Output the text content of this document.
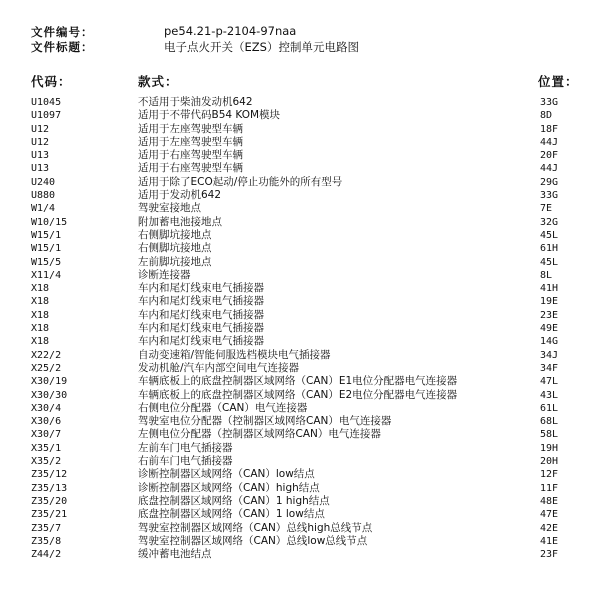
文件编号：	pe54.21-p-2104-97naa
文件标题：	电子点火开关（EZS）控制单元电路图
代码：	款式：	位置：
U1045	不适用于柴油发动机642	33G
U1097	适用于不带代码B54 KOM模块	8D
U12	适用于左座驾驶型车辆	18F
U12	适用于左座驾驶型车辆	44J
U13	适用于右座驾驶型车辆	20F
U13	适用于右座驾驶型车辆	44J
U240	适用于除了ECO起动/停止功能外的所有型号	29G
U880	适用于发动机642	33G
W1/4	驾驶室接地点	7E
W10/15	附加蓄电池接地点	32G
W15/1	右侧脚坑接地点	45L
W15/1	右侧脚坑接地点	61H
W15/5	左前脚坑接地点	45L
X11/4	诊断连接器	8L
X18	车内和尾灯线束电气插接器	41H
X18	车内和尾灯线束电气插接器	19E
X18	车内和尾灯线束电气插接器	23E
X18	车内和尾灯线束电气插接器	49E
X18	车内和尾灯线束电气插接器	14G
X22/2	自动变速箱/智能伺服选档模块电气插接器	34J
X25/2	发动机舱/汽车内部空间电气连接器	34F
X30/19	车辆底板上的底盘控制器区域网络（CAN）E1电位分配器电气连接器	47L
X30/30	车辆底板上的底盘控制器区域网络（CAN）E2电位分配器电气连接器	43L
X30/4	右侧电位分配器（CAN）电气连接器	61L
X30/6	驾驶室电位分配器（控制器区域网络CAN）电气连接器	68L
X30/7	左侧电位分配器（控制器区域网络CAN）电气连接器	58L
X35/1	左前车门电气插接器	19H
X35/2	右前车门电气插接器	20H
Z35/12	诊断控制器区域网络（CAN）low结点	12F
Z35/13	诊断控制器区域网络（CAN）high结点	11F
Z35/20	底盘控制器区域网络（CAN）1 high结点	48E
Z35/21	底盘控制器区域网络（CAN）1 low结点	47E
Z35/7	驾驶室控制器区域网络（CAN）总线high总线节点	42E
Z35/8	驾驶室控制器区域网络（CAN）总线low总线节点	41E
Z44/2	缓冲蓄电池结点	23F
